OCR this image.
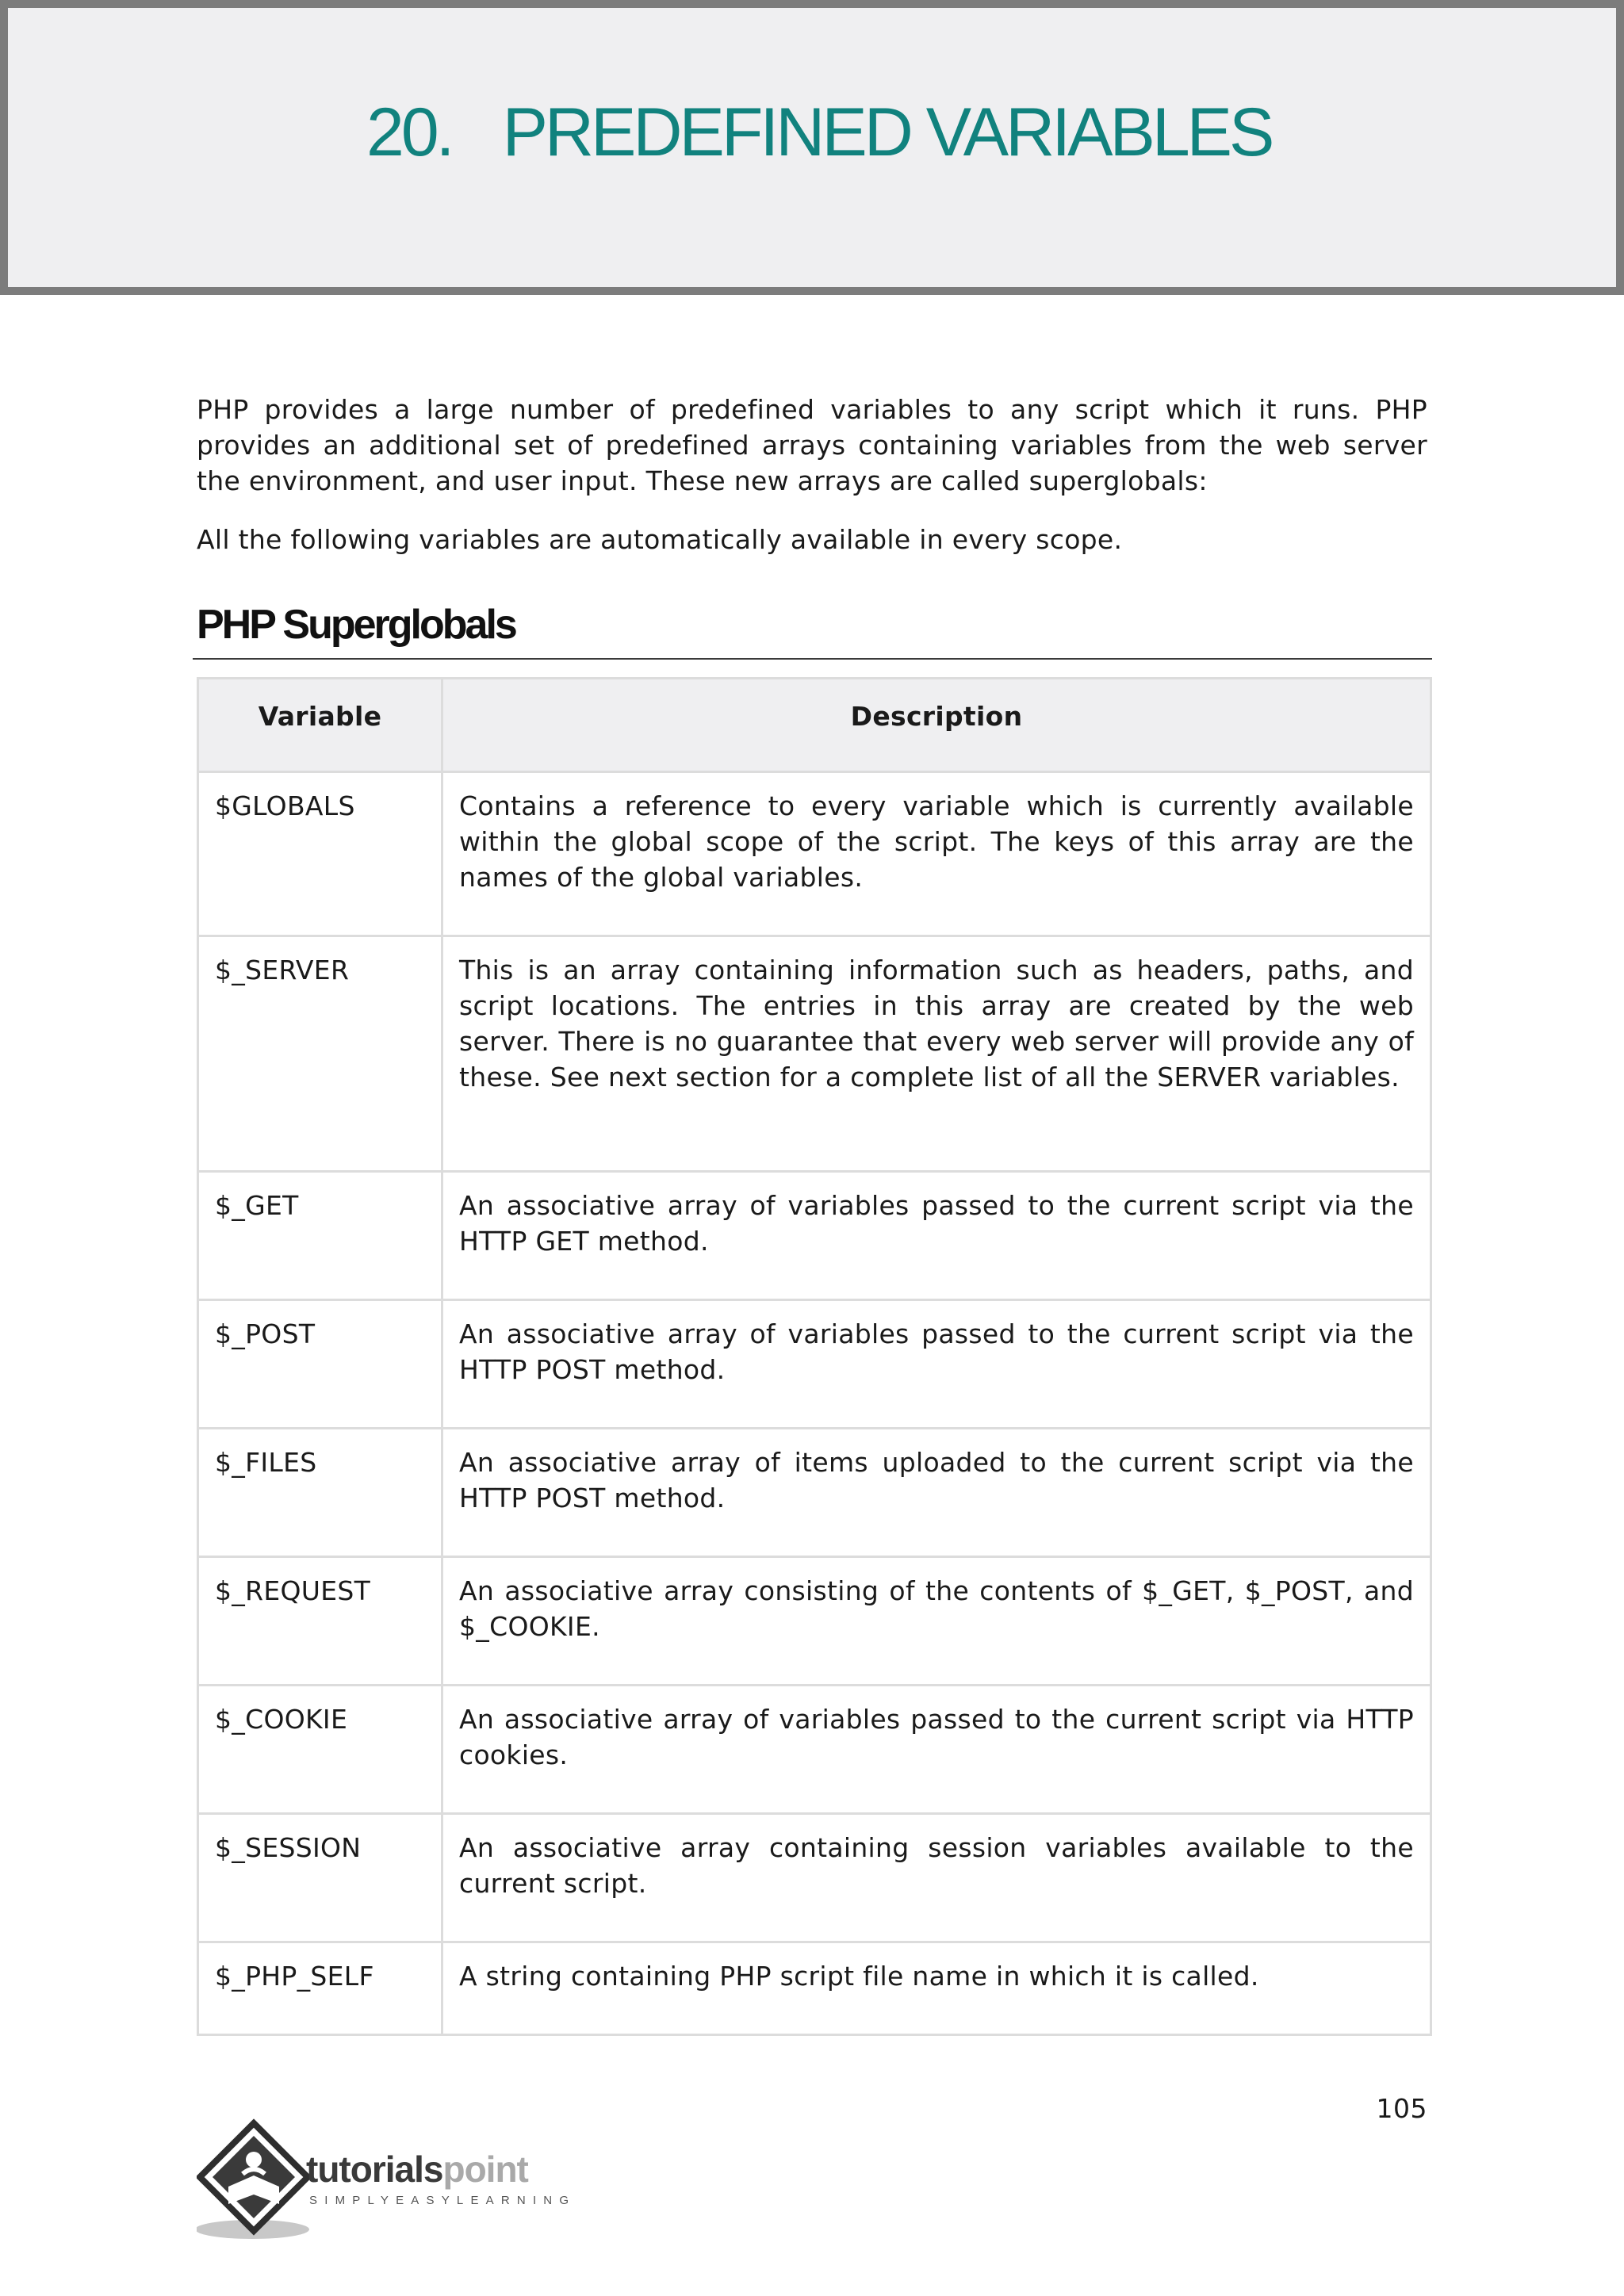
20. PREDEFINED VARIABLES

PHP provides a large number of predefined variables to any script which it runs. PHP provides an additional set of predefined arrays containing variables from the web server the environment, and user input. These new arrays are called superglobals:

All the following variables are automatically available in every scope.

PHP Superglobals
Variable	Description
$GLOBALS	Contains a reference to every variable which is currently available within the global scope of the script. The keys of this array are the names of the global variables.
$_SERVER	This is an array containing information such as headers, paths, and script locations. The entries in this array are created by the web server. There is no guarantee that every web server will provide any of these. See next section for a complete list of all the SERVER variables.
$_GET	An associative array of variables passed to the current script via the HTTP GET method.
$_POST	An associative array of variables passed to the current script via the HTTP POST method.
$_FILES	An associative array of items uploaded to the current script via the HTTP POST method.
$_REQUEST	An associative array consisting of the contents of $_GET, $_POST, and $_COOKIE.
$_COOKIE	An associative array of variables passed to the current script via HTTP cookies.
$_SESSION	An associative array containing session variables available to the current script.
$_PHP_SELF	A string containing PHP script file name in which it is called.
105
tutorialspoint
SIMPLYEASYLEARNING
